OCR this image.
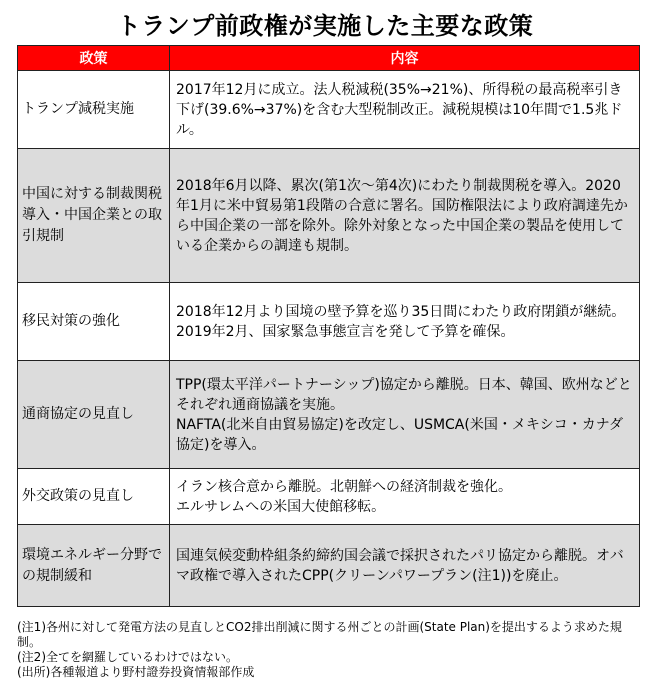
トランプ前政権が実施した主要な政策
政策	内容
トランプ減税実施	2017年12月に成立。法人税減税(35%→21%)、所得税の最高税率引き下げ(39.6%→37%)を含む大型税制改正。減税規模は10年間で1.5兆ドル。

中国に対する制裁関税導入・中国企業との取引規制	2018年6月以降、累次(第1次〜第4次)にわたり制裁関税を導入。2020年1月に米中貿易第1段階の合意に署名。国防権限法により政府調達先から中国企業の一部を除外。除外対象となった中国企業の製品を使用している企業からの調達も規制。

移民対策の強化	2018年12月より国境の壁予算を巡り35日間にわたり政府閉鎖が継続。2019年2月、国家緊急事態宣言を発して予算を確保。

通商協定の見直し	TPP(環太平洋パートナーシップ)協定から離脱。日本、韓国、欧州などとそれぞれ通商協議を実施。
NAFTA(北米自由貿易協定)を改定し、USMCA(米国・メキシコ・カナダ協定)を導入。

外交政策の見直し	イラン核合意から離脱。北朝鮮への経済制裁を強化。
エルサレムへの米国大使館移転。

環境エネルギー分野での規制緩和	国連気候変動枠組条約締約国会議で採択されたパリ協定から離脱。オバマ政権で導入されたCPP(クリーンパワープラン(注1))を廃止。
(注1)各州に対して発電方法の見直しとCO2排出削減に関する州ごとの計画(State Plan)を提出するよう求めた規制。
(注2)全てを網羅しているわけではない。
(出所)各種報道より野村證券投資情報部作成
